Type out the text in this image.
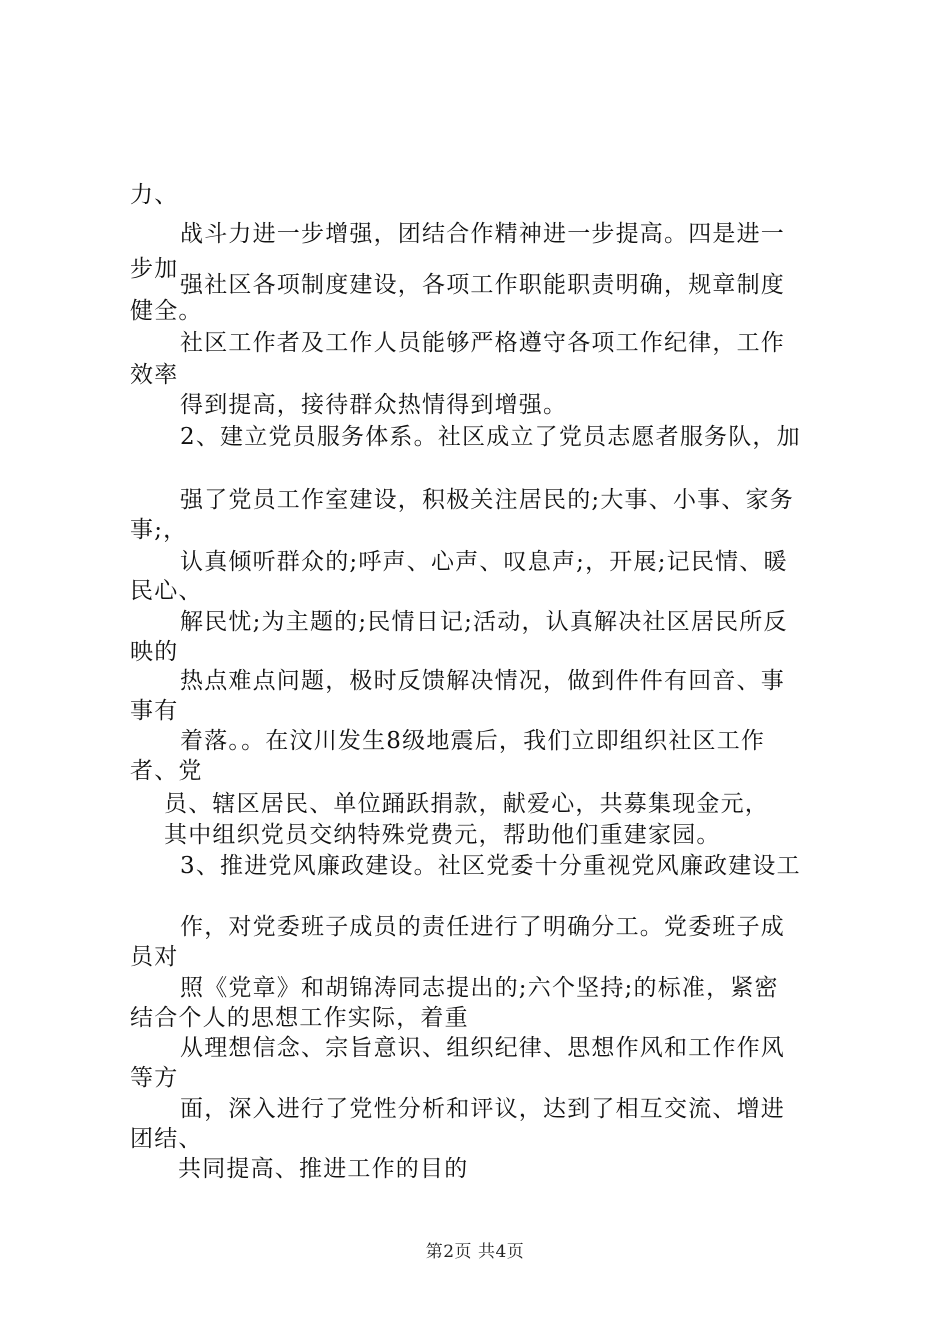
力、
战斗力进一步增强，团结合作精神进一步提高。四是进一
步加
强社区各项制度建设，各项工作职能职责明确，规章制度
健全。
社区工作者及工作人员能够严格遵守各项工作纪律，工作
效率
得到提高，接待群众热情得到增强。
2、建立党员服务体系。社区成立了党员志愿者服务队，加
强了党员工作室建设，积极关注居民的;大事、小事、家务
事;，
认真倾听群众的;呼声、心声、叹息声;，开展;记民情、暖
民心、
解民忧;为主题的;民情日记;活动，认真解决社区居民所反
映的
热点难点问题，极时反馈解决情况，做到件件有回音、事
事有
着落。。在汶川发生8级地震后，我们立即组织社区工作
者、党
员、辖区居民、单位踊跃捐款，献爱心，共募集现金元，
其中组织党员交纳特殊党费元，帮助他们重建家园。
3、推进党风廉政建设。社区党委十分重视党风廉政建设工
作，对党委班子成员的责任进行了明确分工。党委班子成
员对
照《党章》和胡锦涛同志提出的;六个坚持;的标准，紧密
结合个人的思想工作实际，着重
从理想信念、宗旨意识、组织纪律、思想作风和工作作风
等方
面，深入进行了党性分析和评议，达到了相互交流、增进
团结、
共同提高、推进工作的目的
第2页 共4页
